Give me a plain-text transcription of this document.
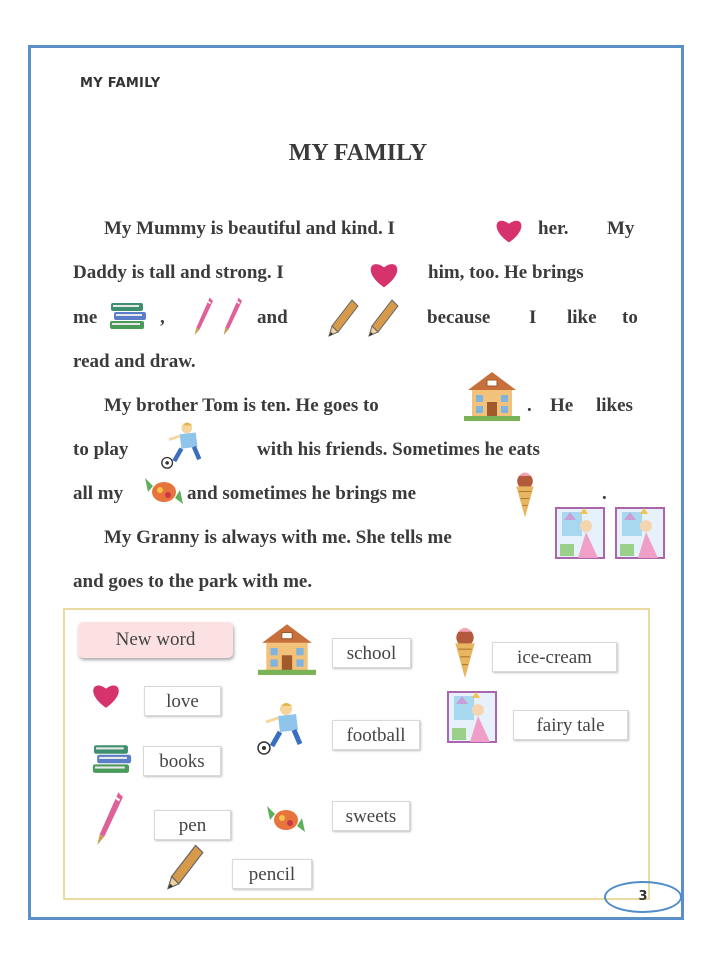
MY FAMILY
MY FAMILY
My Mummy is beautiful and kind. I	her. My
Daddy is tall and strong. I	him, too. He brings
me	,	and	because I like to
read and draw.
My brother Tom is ten. He goes to	. He likes
to play	with his friends. Sometimes he eats
all my	and sometimes he brings me	.
My Granny is always with me. She tells me
and goes to the park with me.
New word
love
books
pen
pencil
school
football
sweets
ice-cream
fairy tale
3
